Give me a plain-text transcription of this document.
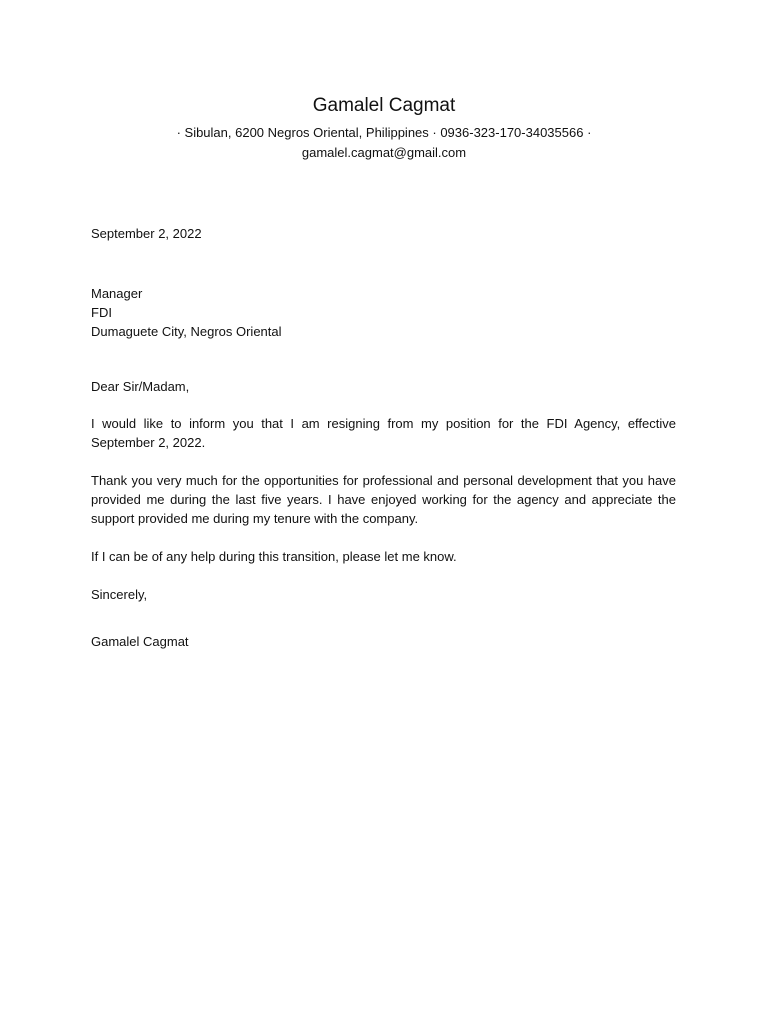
Gamalel Cagmat
· Sibulan, 6200 Negros Oriental, Philippines · 0936-323-170-34035566 ·
gamalel.cagmat@gmail.com
September 2, 2022
Manager
FDI
Dumaguete City, Negros Oriental
Dear Sir/Madam,
I would like to inform you that I am resigning from my position for the FDI Agency, effective September 2, 2022.
Thank you very much for the opportunities for professional and personal development that you have provided me during the last five years. I have enjoyed working for the agency and appreciate the support provided me during my tenure with the company.
If I can be of any help during this transition, please let me know.
Sincerely,
Gamalel Cagmat
